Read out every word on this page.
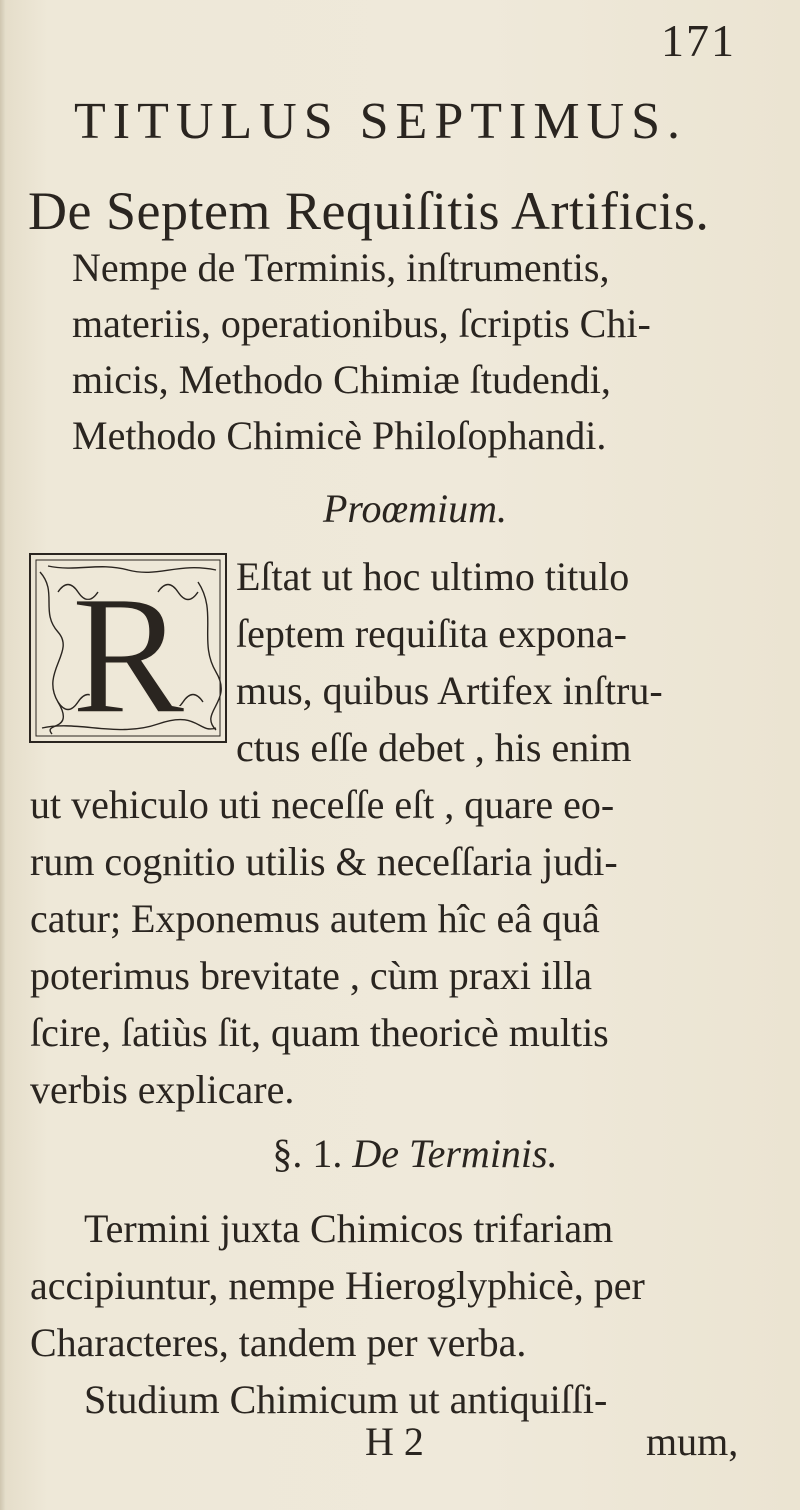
171
TITULUS SEPTIMUS.
De Septem Requiſitis Artificis.
Nempe de Terminis, inſtrumentis,
materiis, operationibus, ſcriptis Chi-
micis, Methodo Chimiæ ſtudendi,
Methodo Chimicè Philoſophandi.
Proœmium.
R Eſtat ut hoc ultimo titulo
ſeptem requiſita expona-
mus, quibus Artifex inſtru-
ctus eſſe debet , his enim
ut vehiculo uti neceſſe eſt , quare eo-
rum cognitio utilis & neceſſaria judi-
catur; Exponemus autem hîc eâ quâ
poterimus brevitate , cùm praxi illa
ſcire, ſatiùs ſit, quam theoricè multis
verbis explicare.
§. 1. De Terminis.
Termini juxta Chimicos trifariam
accipiuntur, nempe Hieroglyphicè, per
Characteres, tandem per verba.
Studium Chimicum ut antiquiſſi-
H 2	mum,
